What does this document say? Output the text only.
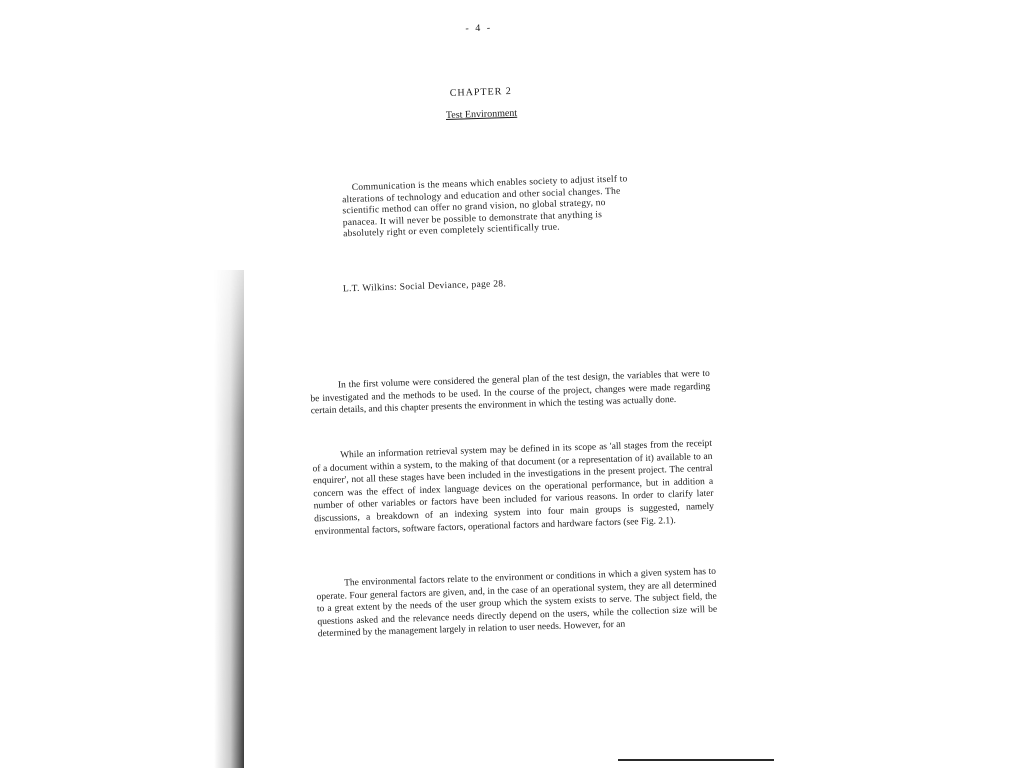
- 4 -
CHAPTER 2
Test Environment

Communication is the means which enables society to adjust itself to alterations of technology and education and other social changes. The scientific method can offer no grand vision, no global strategy, no panacea. It will never be possible to demonstrate that anything is absolutely right or even completely scientifically true.

L.T. Wilkins: Social Deviance, page 28.

In the first volume were considered the general plan of the test design, the variables that were to be investigated and the methods to be used. In the course of the project, changes were made regarding certain details, and this chapter presents the environment in which the testing was actually done.

While an information retrieval system may be defined in its scope as 'all stages from the receipt of a document within a system, to the making of that document (or a representation of it) available to an enquirer', not all these stages have been included in the investigations in the present project. The central concern was the effect of index language devices on the operational performance, but in addition a number of other variables or factors have been included for various reasons. In order to clarify later discussions, a breakdown of an indexing system into four main groups is suggested, namely environmental factors, software factors, operational factors and hardware factors (see Fig. 2.1).

The environmental factors relate to the environment or conditions in which a given system has to operate. Four general factors are given, and, in the case of an operational system, they are all determined to a great extent by the needs of the user group which the system exists to serve. The subject field, the questions asked and the relevance needs directly depend on the users, while the collection size will be determined by the management largely in relation to user needs. However, for an
